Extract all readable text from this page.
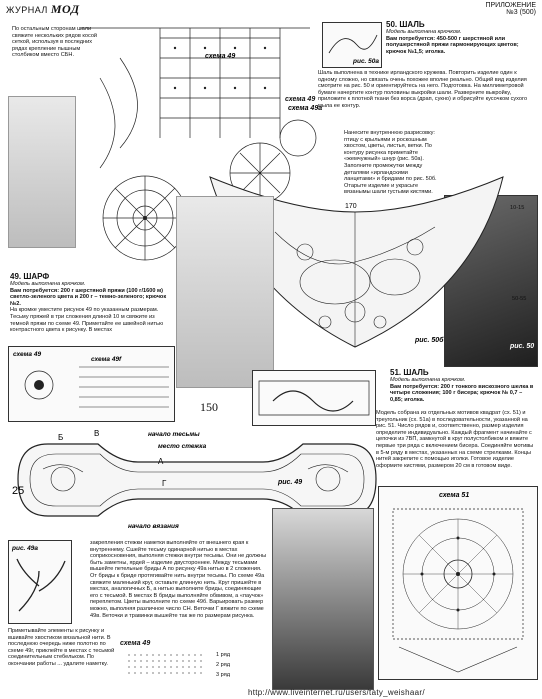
ЖУРНАЛ МОД	ПРИЛОЖЕНИЕ
№3 (500)
По остальным сторонам шали свяжите нескольких рядов косой сеткой, используя в последних рядах крепление пышным столбиком вместо СБН.	схема 49
схема 49a
50. ШАЛЬ
Модель выполнена крючком.
Вам потребуется: 450-500 г шерстяной или полушерстяной пряжи гармонирующих цветов; крючок №1,5; иголка.
Шаль выполнена в технике ирландского кружева. Повторить изделие один к одному сложно, но связать очень похожее вполне реально. Общий вид изделия смотрите на рис. 50 и ориентируйтесь на него. Подготовка. На миллиметровой бумаге начертите контур половины выкройки шали. Разверните выкройку, приложите к плотной ткани без ворса (драп, сукно) и обрисуйте кусочком сухого мыла ее контур.
Нанесите внутреннюю разрисовку: птицу с крыльями и роскошным хвостом, цветы, листья, ветки. По контуру рисунка приметайте «жемчужный» шнур (рис. 50а). Заполните промежутки между деталями «ирландскими ланцетами» и бридами по рис. 50б. Отарыте изделие и украсьте вязанымы шали густыми кистями.
рис. 50a
рис. 50
10-15
50-55
170
рис. 50б
схема 49
150
49. ШАРФ
Модель выполнена крючком.
Вам потребуется: 200 г шерстяной пряжи (100 г/1600 м) светло-зеленого цвета и 200 г – темно-зеленого; крючок №2.
На кромке уместите рисунок 49 по указанным размерам. Тесьму пряжей в три сложения длиной 10 м свяжите из темной пряжи по схеме 49. Приметайте ее швейной нитью контрастного цвета к рисунку. В местах
схема 49
схема 49f
51. ШАЛЬ
Модель выполнена крючком.
Вам потребуется: 200 г тонкого вискозного шелка в четыре сложения; 100 г бисера; крючок № 0,7 – 0,85; иголка.
Модель собрана из отдельных мотивов квадрат (сх. 51) и треугольник (сх. 51а) в последовательности, указанной на рис. 51. Число рядов и, соответственно, размер изделия определите индивидуально. Каждый фрагмент начинайте с цепочки из 7ВП, замкнутой в круг полустолбиком и вяжите первые три ряда с включением бисера. Соединяйте мотивы в 5-м ряду в местах, указанных на схеме стрелками. Концы нитей закрепите с помощью иголки. Готовое изделие оформите кистями, размером 20 см в готовом виде.
25
начало тесьмы
место стежка
начало вязания
Б	В
А
Г	рис. 49
рис. 49a
закрепления стежки наметки выполняйте от внешнего края к внутреннему. Сшейте тесьму одинарной нитью в местах соприкосновения, выполняя стежки внутри тесьмы. Они не должны быть заметны, ярдей – изделие двустороннее. Между тесьмами вышейте петельные бриды А по рисунку 49а нитью в 2 сложения. От бриды к бриде протягивайте нить внутри тесьмы. По схеме 49а свяжите маленький круг, оставьте длинную нить. Круг пришейте в местах, аналогичных Б, а нитью выполните бриды, соединяющие его с тесьмой. В местах В бриды выполняйте обвивом, а «паучок» переплетом. Цветы выполните по схеме 49б. Варьировать размер можно, выполняя различное число СН. Веточки Г вяжите по схеме 49в. Веточки и травинки вышейте так же по размерам рисунка.
Приметывайте элементы к рисунку и вшивайте хвостиком вязальной нити. В последнюю очередь ниже полотно по схеме 49г, приклейте в местах с тесьмой соединительным стебельком. По окончании работы ... удалите наметку.
схема 49
1 ряд
2 ряд
3 ряд
схема 51
http://www.liveinternet.ru/users/taty_weishaar/
